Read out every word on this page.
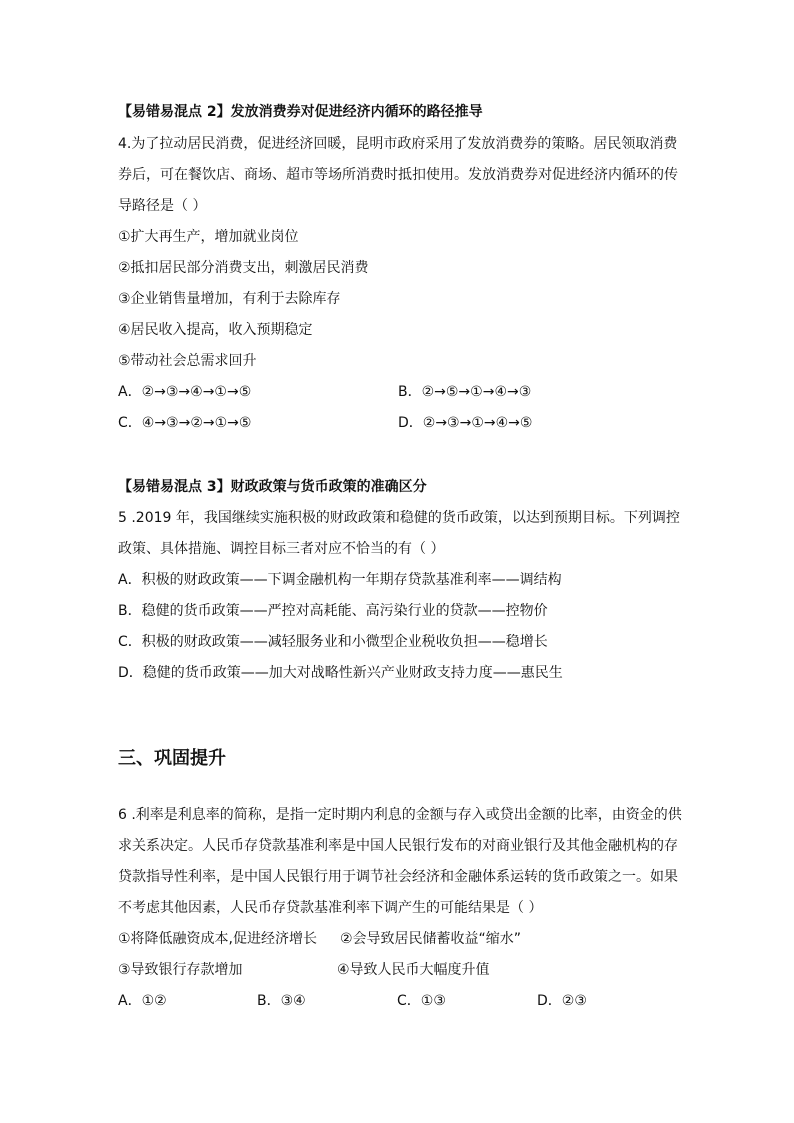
【易错易混点 2】发放消费券对促进经济内循环的路径推导
4.为了拉动居民消费，促进经济回暖，昆明市政府采用了发放消费券的策略。居民领取消费
券后，可在餐饮店、商场、超市等场所消费时抵扣使用。发放消费券对促进经济内循环的传
导路径是（ ）
①扩大再生产，增加就业岗位
②抵扣居民部分消费支出，刺激居民消费
③企业销售量增加，有利于去除库存
④居民收入提高，收入预期稳定
⑤带动社会总需求回升
A．②→③→④→①→⑤	B．②→⑤→①→④→③
C．④→③→②→①→⑤	D．②→③→①→④→⑤
【易错易混点 3】财政政策与货币政策的准确区分
5 .2019 年，我国继续实施积极的财政政策和稳健的货币政策，以达到预期目标。下列调控
政策、具体措施、调控目标三者对应不恰当的有（ ）
A．积极的财政政策——下调金融机构一年期存贷款基准利率——调结构
B．稳健的货币政策——严控对高耗能、高污染行业的贷款——控物价
C．积极的财政政策——减轻服务业和小微型企业税收负担——稳增长
D．稳健的货币政策——加大对战略性新兴产业财政支持力度——惠民生
三、巩固提升
6 .利率是利息率的简称，是指一定时期内利息的金额与存入或贷出金额的比率，由资金的供
求关系决定。人民币存贷款基准利率是中国人民银行发布的对商业银行及其他金融机构的存
贷款指导性利率，是中国人民银行用于调节社会经济和金融体系运转的货币政策之一。如果
不考虑其他因素，人民币存贷款基准利率下调产生的可能结果是（ ）
①将降低融资成本,促进经济增长 ②会导致居民储蓄收益“缩水”
③导致银行存款增加	④导致人民币大幅度升值
A．①②	B．③④	C．①③	D．②③
